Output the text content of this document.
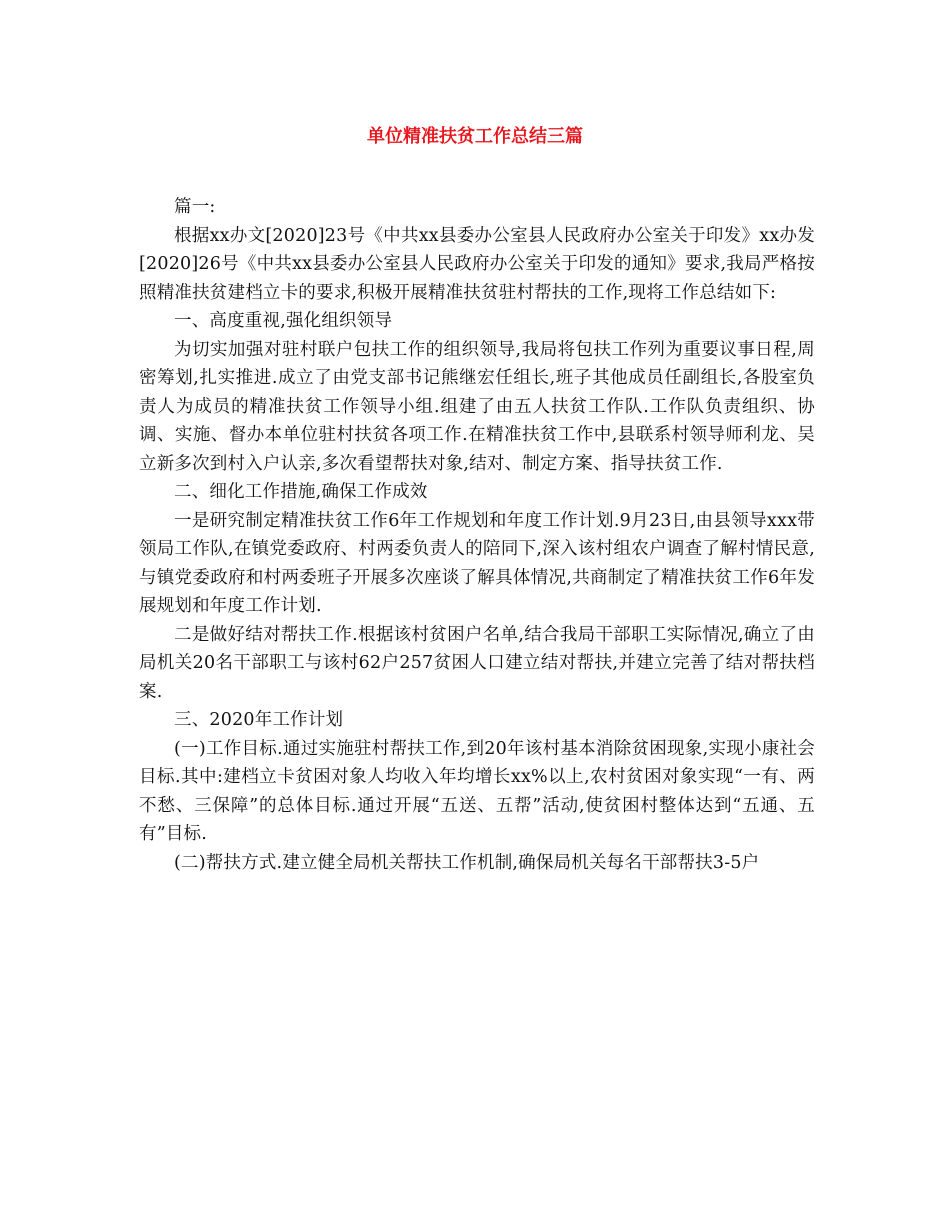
单位精准扶贫工作总结三篇

篇一:

根据xx办文[2020]23号《中共xx县委办公室县人民政府办公室关于印发》xx办发[2020]26号《中共xx县委办公室县人民政府办公室关于印发的通知》要求,我局严格按照精准扶贫建档立卡的要求,积极开展精准扶贫驻村帮扶的工作,现将工作总结如下:

一、高度重视,强化组织领导

为切实加强对驻村联户包扶工作的组织领导,我局将包扶工作列为重要议事日程,周密筹划,扎实推进.成立了由党支部书记熊继宏任组长,班子其他成员任副组长,各股室负责人为成员的精准扶贫工作领导小组.组建了由五人扶贫工作队.工作队负责组织、协调、实施、督办本单位驻村扶贫各项工作.在精准扶贫工作中,县联系村领导师利龙、吴立新多次到村入户认亲,多次看望帮扶对象,结对、制定方案、指导扶贫工作.

二、细化工作措施,确保工作成效

一是研究制定精准扶贫工作6年工作规划和年度工作计划.9月23日,由县领导xxx带领局工作队,在镇党委政府、村两委负责人的陪同下,深入该村组农户调查了解村情民意,与镇党委政府和村两委班子开展多次座谈了解具体情况,共商制定了精准扶贫工作6年发展规划和年度工作计划.

二是做好结对帮扶工作.根据该村贫困户名单,结合我局干部职工实际情况,确立了由局机关20名干部职工与该村62户257贫困人口建立结对帮扶,并建立完善了结对帮扶档案.

三、2020年工作计划

(一)工作目标.通过实施驻村帮扶工作,到20年该村基本消除贫困现象,实现小康社会目标.其中:建档立卡贫困对象人均收入年均增长xx%以上,农村贫困对象实现“一有、两不愁、三保障”的总体目标.通过开展“五送、五帮”活动,使贫困村整体达到“五通、五有”目标.

(二)帮扶方式.建立健全局机关帮扶工作机制,确保局机关每名干部帮扶3-5户
